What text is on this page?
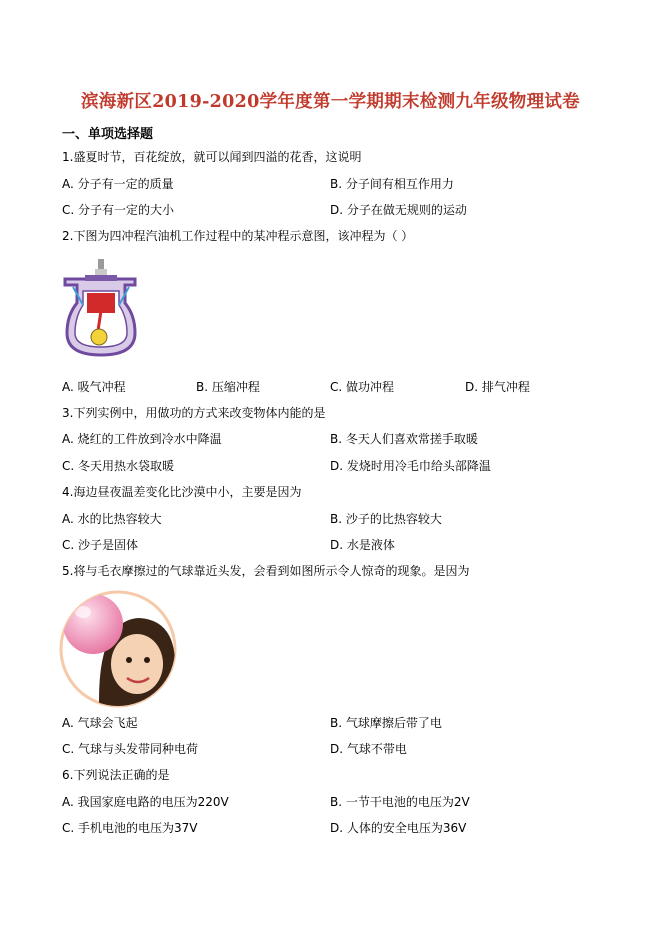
滨海新区2019-2020学年度第一学期期末检测九年级物理试卷
一、单项选择题
1.盛夏时节，百花绽放，就可以闻到四溢的花香，这说明
A. 分子有一定的质量	B. 分子间有相互作用力
C. 分子有一定的大小	D. 分子在做无规则的运动
2.下图为四冲程汽油机工作过程中的某冲程示意图，该冲程为（ ）
A. 吸气冲程	B. 压缩冲程	C. 做功冲程	D. 排气冲程
3.下列实例中，用做功的方式来改变物体内能的是
A. 烧红的工件放到冷水中降温	B. 冬天人们喜欢常搓手取暖
C. 冬天用热水袋取暖	D. 发烧时用冷毛巾给头部降温
4.海边昼夜温差变化比沙漠中小，主要是因为
A. 水的比热容较大	B. 沙子的比热容较大
C. 沙子是固体	D. 水是液体
5.将与毛衣摩擦过的气球靠近头发，会看到如图所示令人惊奇的现象。是因为
A. 气球会飞起	B. 气球摩擦后带了电
C. 气球与头发带同种电荷	D. 气球不带电
6.下列说法正确的是
A. 我国家庭电路的电压为220V	B. 一节干电池的电压为2V
C. 手机电池的电压为37V	D. 人体的安全电压为36V
